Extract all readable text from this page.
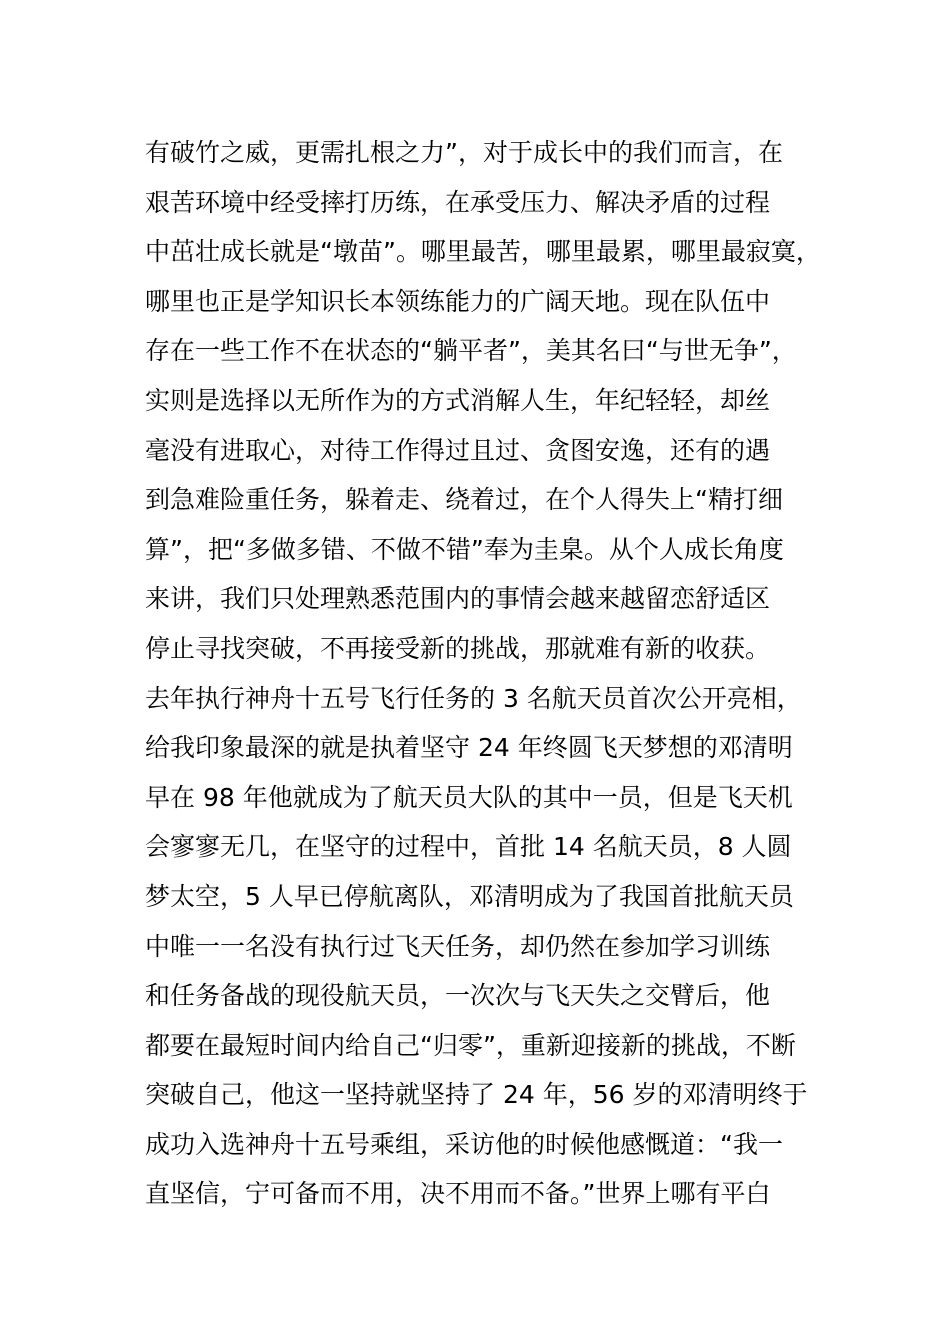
有破竹之威，更需扎根之力”，对于成长中的我们而言，在
艰苦环境中经受摔打历练，在承受压力、解决矛盾的过程
中茁壮成长就是“墩苗”。哪里最苦，哪里最累，哪里最寂寞，
哪里也正是学知识长本领练能力的广阔天地。现在队伍中
存在一些工作不在状态的“躺平者”，美其名曰“与世无争”，
实则是选择以无所作为的方式消解人生，年纪轻轻，却丝
毫没有进取心，对待工作得过且过、贪图安逸，还有的遇
到急难险重任务，躲着走、绕着过，在个人得失上“精打细
算”，把“多做多错、不做不错”奉为圭臬。从个人成长角度
来讲，我们只处理熟悉范围内的事情会越来越留恋舒适区
停止寻找突破，不再接受新的挑战，那就难有新的收获。
去年执行神舟十五号飞行任务的 3 名航天员首次公开亮相，
给我印象最深的就是执着坚守 24 年终圆飞天梦想的邓清明
早在 98 年他就成为了航天员大队的其中一员，但是飞天机
会寥寥无几，在坚守的过程中，首批 14 名航天员，8 人圆
梦太空，5 人早已停航离队，邓清明成为了我国首批航天员
中唯一一名没有执行过飞天任务，却仍然在参加学习训练
和任务备战的现役航天员，一次次与飞天失之交臂后，他
都要在最短时间内给自己“归零”，重新迎接新的挑战，不断
突破自己，他这一坚持就坚持了 24 年，56 岁的邓清明终于
成功入选神舟十五号乘组，采访他的时候他感慨道：“我一
直坚信，宁可备而不用，决不用而不备。”世界上哪有平白
